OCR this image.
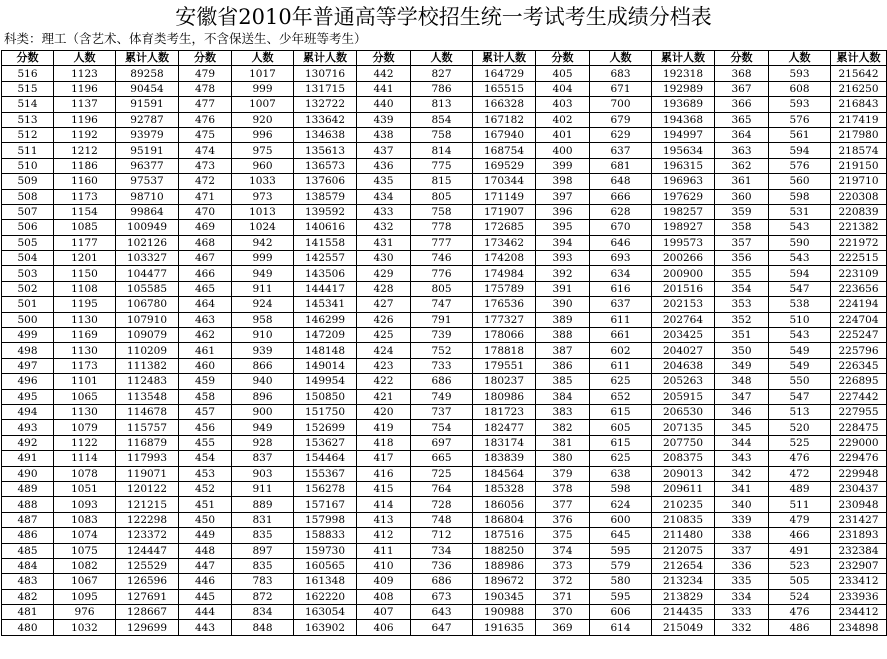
安徽省2010年普通高等学校招生统一考试考生成绩分档表
科类：理工（含艺术、体育类考生，不含保送生、少年班等考生）
分数	人数	累计人数	分数	人数	累计人数	分数	人数	累计人数	分数	人数	累计人数	分数	人数	累计人数
516	1123	89258	479	1017	130716	442	827	164729	405	683	192318	368	593	215642
515	1196	90454	478	999	131715	441	786	165515	404	671	192989	367	608	216250
514	1137	91591	477	1007	132722	440	813	166328	403	700	193689	366	593	216843
513	1196	92787	476	920	133642	439	854	167182	402	679	194368	365	576	217419
512	1192	93979	475	996	134638	438	758	167940	401	629	194997	364	561	217980
511	1212	95191	474	975	135613	437	814	168754	400	637	195634	363	594	218574
510	1186	96377	473	960	136573	436	775	169529	399	681	196315	362	576	219150
509	1160	97537	472	1033	137606	435	815	170344	398	648	196963	361	560	219710
508	1173	98710	471	973	138579	434	805	171149	397	666	197629	360	598	220308
507	1154	99864	470	1013	139592	433	758	171907	396	628	198257	359	531	220839
506	1085	100949	469	1024	140616	432	778	172685	395	670	198927	358	543	221382
505	1177	102126	468	942	141558	431	777	173462	394	646	199573	357	590	221972
504	1201	103327	467	999	142557	430	746	174208	393	693	200266	356	543	222515
503	1150	104477	466	949	143506	429	776	174984	392	634	200900	355	594	223109
502	1108	105585	465	911	144417	428	805	175789	391	616	201516	354	547	223656
501	1195	106780	464	924	145341	427	747	176536	390	637	202153	353	538	224194
500	1130	107910	463	958	146299	426	791	177327	389	611	202764	352	510	224704
499	1169	109079	462	910	147209	425	739	178066	388	661	203425	351	543	225247
498	1130	110209	461	939	148148	424	752	178818	387	602	204027	350	549	225796
497	1173	111382	460	866	149014	423	733	179551	386	611	204638	349	549	226345
496	1101	112483	459	940	149954	422	686	180237	385	625	205263	348	550	226895
495	1065	113548	458	896	150850	421	749	180986	384	652	205915	347	547	227442
494	1130	114678	457	900	151750	420	737	181723	383	615	206530	346	513	227955
493	1079	115757	456	949	152699	419	754	182477	382	605	207135	345	520	228475
492	1122	116879	455	928	153627	418	697	183174	381	615	207750	344	525	229000
491	1114	117993	454	837	154464	417	665	183839	380	625	208375	343	476	229476
490	1078	119071	453	903	155367	416	725	184564	379	638	209013	342	472	229948
489	1051	120122	452	911	156278	415	764	185328	378	598	209611	341	489	230437
488	1093	121215	451	889	157167	414	728	186056	377	624	210235	340	511	230948
487	1083	122298	450	831	157998	413	748	186804	376	600	210835	339	479	231427
486	1074	123372	449	835	158833	412	712	187516	375	645	211480	338	466	231893
485	1075	124447	448	897	159730	411	734	188250	374	595	212075	337	491	232384
484	1082	125529	447	835	160565	410	736	188986	373	579	212654	336	523	232907
483	1067	126596	446	783	161348	409	686	189672	372	580	213234	335	505	233412
482	1095	127691	445	872	162220	408	673	190345	371	595	213829	334	524	233936
481	976	128667	444	834	163054	407	643	190988	370	606	214435	333	476	234412
480	1032	129699	443	848	163902	406	647	191635	369	614	215049	332	486	234898
